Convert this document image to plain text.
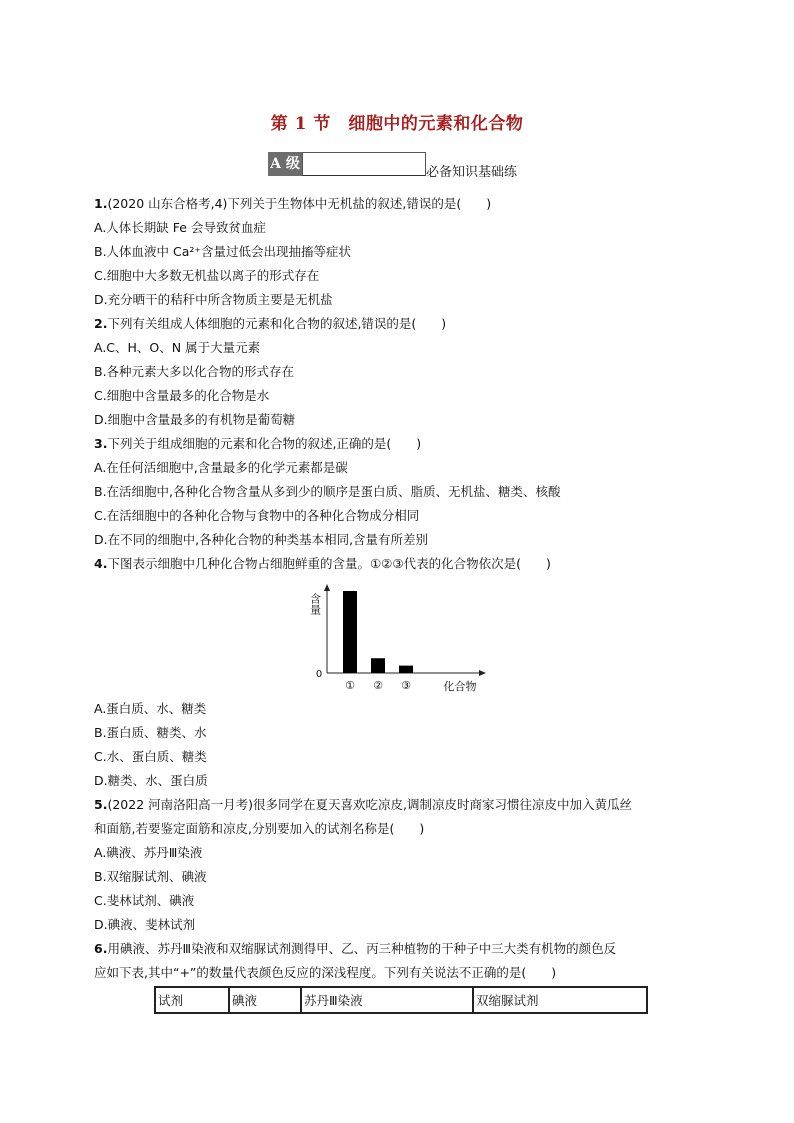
第 1 节　细胞中的元素和化合物
A 级
必备知识基础练
1.(2020 山东合格考,4)下列关于生物体中无机盐的叙述,错误的是(　　)
A.人体长期缺 Fe 会导致贫血症
B.人体血液中 Ca²⁺含量过低会出现抽搐等症状
C.细胞中大多数无机盐以离子的形式存在
D.充分晒干的秸秆中所含物质主要是无机盐
2.下列有关组成人体细胞的元素和化合物的叙述,错误的是(　　)
A.C、H、O、N 属于大量元素
B.各种元素大多以化合物的形式存在
C.细胞中含量最多的化合物是水
D.细胞中含量最多的有机物是葡萄糖
3.下列关于组成细胞的元素和化合物的叙述,正确的是(　　)
A.在任何活细胞中,含量最多的化学元素都是碳
B.在活细胞中,各种化合物含量从多到少的顺序是蛋白质、脂质、无机盐、糖类、核酸
C.在活细胞中的各种化合物与食物中的各种化合物成分相同
D.在不同的细胞中,各种化合物的种类基本相同,含量有所差别
4.下图表示细胞中几种化合物占细胞鲜重的含量。①②③代表的化合物依次是(　　)
含量
0
① ② ③	化合物
A.蛋白质、水、糖类
B.蛋白质、糖类、水
C.水、蛋白质、糖类
D.糖类、水、蛋白质
5.(2022 河南洛阳高一月考)很多同学在夏天喜欢吃凉皮,调制凉皮时商家习惯往凉皮中加入黄瓜丝
和面筋,若要鉴定面筋和凉皮,分别要加入的试剂名称是(　　)
A.碘液、苏丹Ⅲ染液
B.双缩脲试剂、碘液
C.斐林试剂、碘液
D.碘液、斐林试剂
6.用碘液、苏丹Ⅲ染液和双缩脲试剂测得甲、乙、丙三种植物的干种子中三大类有机物的颜色反
应如下表,其中“+”的数量代表颜色反应的深浅程度。下列有关说法不正确的是(　　)
试剂	碘液	苏丹Ⅲ染液	双缩脲试剂
